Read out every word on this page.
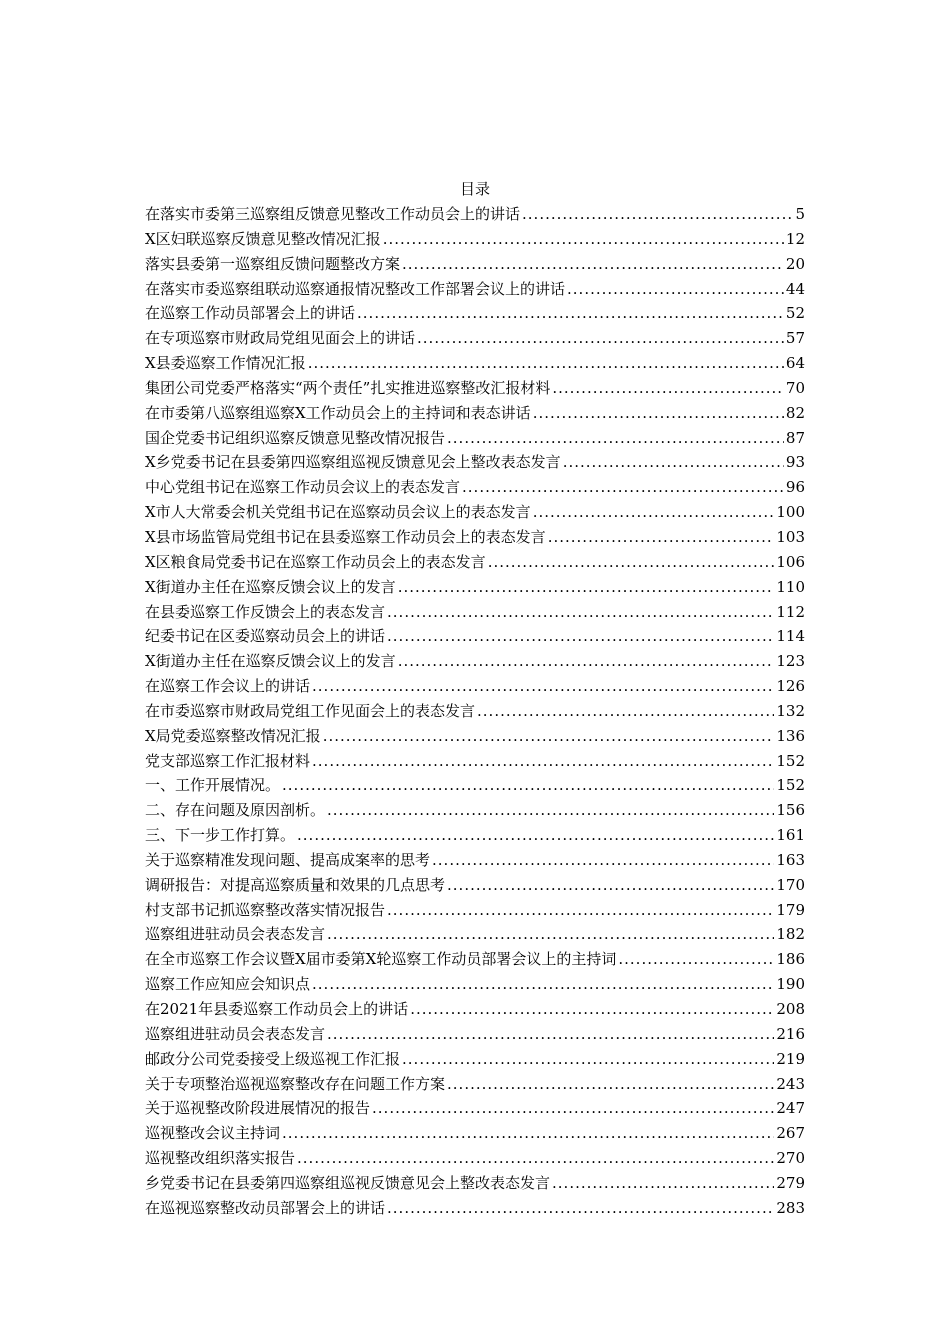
目录
在落实市委第三巡察组反馈意见整改工作动员会上的讲话 .....	5
X区妇联巡察反馈意见整改情况汇报 .....	12
落实县委第一巡察组反馈问题整改方案 .....	20
在落实市委巡察组联动巡察通报情况整改工作部署会议上的讲话 .....	44
在巡察工作动员部署会上的讲话 .....	52
在专项巡察市财政局党组见面会上的讲话 .....	57
X县委巡察工作情况汇报 .....	64
集团公司党委严格落实“两个责任”扎实推进巡察整改汇报材料 .....	70
在市委第八巡察组巡察X工作动员会上的主持词和表态讲话 .....	82
国企党委书记组织巡察反馈意见整改情况报告 .....	87
X乡党委书记在县委第四巡察组巡视反馈意见会上整改表态发言 .....	93
中心党组书记在巡察工作动员会议上的表态发言 .....	96
X市人大常委会机关党组书记在巡察动员会议上的表态发言 .....	100
X县市场监管局党组书记在县委巡察工作动员会上的表态发言 .....	103
X区粮食局党委书记在巡察工作动员会上的表态发言 .....	106
X街道办主任在巡察反馈会议上的发言 .....	110
在县委巡察工作反馈会上的表态发言 .....	112
纪委书记在区委巡察动员会上的讲话 .....	114
X街道办主任在巡察反馈会议上的发言 .....	123
在巡察工作会议上的讲话 .....	126
在市委巡察市财政局党组工作见面会上的表态发言 .....	132
X局党委巡察整改情况汇报 .....	136
党支部巡察工作汇报材料 .....	152
一、工作开展情况。 .....	152
二、存在问题及原因剖析。 .....	156
三、下一步工作打算。 .....	161
关于巡察精准发现问题、提高成案率的思考 .....	163
调研报告：对提高巡察质量和效果的几点思考 .....	170
村支部书记抓巡察整改落实情况报告 .....	179
巡察组进驻动员会表态发言 .....	182
在全市巡察工作会议暨X届市委第X轮巡察工作动员部署会议上的主持词 .....	186
巡察工作应知应会知识点 .....	190
在2021年县委巡察工作动员会上的讲话 .....	208
巡察组进驻动员会表态发言 .....	216
邮政分公司党委接受上级巡视工作汇报 .....	219
关于专项整治巡视巡察整改存在问题工作方案 .....	243
关于巡视整改阶段进展情况的报告 .....	247
巡视整改会议主持词 .....	267
巡视整改组织落实报告 .....	270
乡党委书记在县委第四巡察组巡视反馈意见会上整改表态发言 .....	279
在巡视巡察整改动员部署会上的讲话 .....	283
